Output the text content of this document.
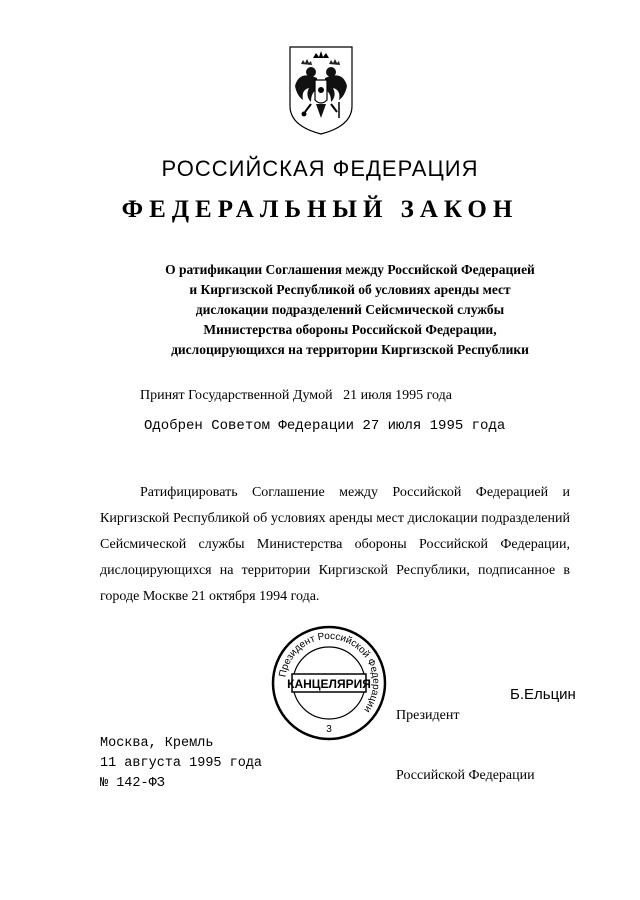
РОССИЙСКАЯ ФЕДЕРАЦИЯ
ФЕДЕРАЛЬНЫЙ ЗАКОН
О ратификации Соглашения между Российской Федерацией
и Киргизской Республикой об условиях аренды мест
дислокации подразделений Сейсмической службы
Министерства обороны Российской Федерации,
дислоцирующихся на территории Киргизской Республики
Принят Государственной Думой   21 июля 1995 года
Одобрен Советом Федерации 27 июля 1995 года
Ратифицировать Соглашение между Российской Федерацией и Киргизской Республикой об условиях аренды мест дислокации подразделений Сейсмической службы Министерства обороны Российской Федерации, дислоцирующихся на территории Киргизской Республики, подписанное в городе Москве 21 октября 1994 года.
Президент Российской Федерации
КАНЦЕЛЯРИЯ
3

Президент

Российской Федерации

Б.Ельцин
Москва, Кремль
11 августа 1995 года
№ 142-ФЗ
